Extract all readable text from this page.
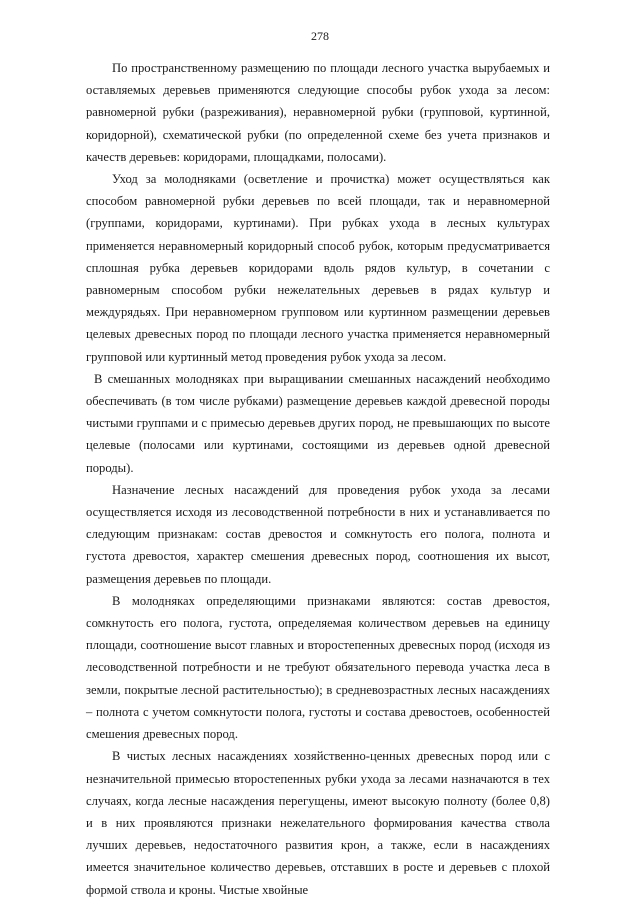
278

По пространственному размещению по площади лесного участка вырубаемых и оставляемых деревьев применяются следующие способы рубок ухода за лесом: равномерной рубки (разреживания), неравномерной рубки (групповой, куртинной, коридорной), схематической рубки (по определенной схеме без учета признаков и качеств деревьев: коридорами, площадками, полосами).

Уход за молодняками (осветление и прочистка) может осуществляться как способом равномерной рубки деревьев по всей площади, так и неравномерной (группами, коридорами, куртинами). При рубках ухода в лесных культурах применяется неравномерный коридорный способ рубок, которым предусматривается сплошная рубка деревьев коридорами вдоль рядов культур, в сочетании с равномерным способом рубки нежелательных деревьев в рядах культур и междурядьях. При неравномерном групповом или куртинном размещении деревьев целевых древесных пород по площади лесного участка применяется неравномерный групповой или куртинный метод проведения рубок ухода за лесом.

В смешанных молодняках при выращивании смешанных насаждений необходимо обеспечивать (в том числе рубками) размещение деревьев каждой древесной породы чистыми группами и с примесью деревьев других пород, не превышающих по высоте целевые (полосами или куртинами, состоящими из деревьев одной древесной породы).

Назначение лесных насаждений для проведения рубок ухода за лесами осуществляется исходя из лесоводственной потребности в них и устанавливается по следующим признакам: состав древостоя и сомкнутость его полога, полнота и густота древостоя, характер смешения древесных пород, соотношения их высот, размещения деревьев по площади.

В молодняках определяющими признаками являются: состав древостоя, сомкнутость его полога, густота, определяемая количеством деревьев на единицу площади, соотношение высот главных и второстепенных древесных пород (исходя из лесоводственной потребности и не требуют обязательного перевода участка леса в земли, покрытые лесной растительностью); в средневозрастных лесных насаждениях – полнота с учетом сомкнутости полога, густоты и состава древостоев, особенностей смешения древесных пород.

В чистых лесных насаждениях хозяйственно-ценных древесных пород или с незначительной примесью второстепенных рубки ухода за лесами назначаются в тех случаях, когда лесные насаждения перегущены, имеют высокую полноту (более 0,8) и в них проявляются признаки нежелательного формирования качества ствола лучших деревьев, недостаточного развития крон, а также, если в насаждениях имеется значительное количество деревьев, отставших в росте и деревьев с плохой формой ствола и кроны. Чистые хвойные
